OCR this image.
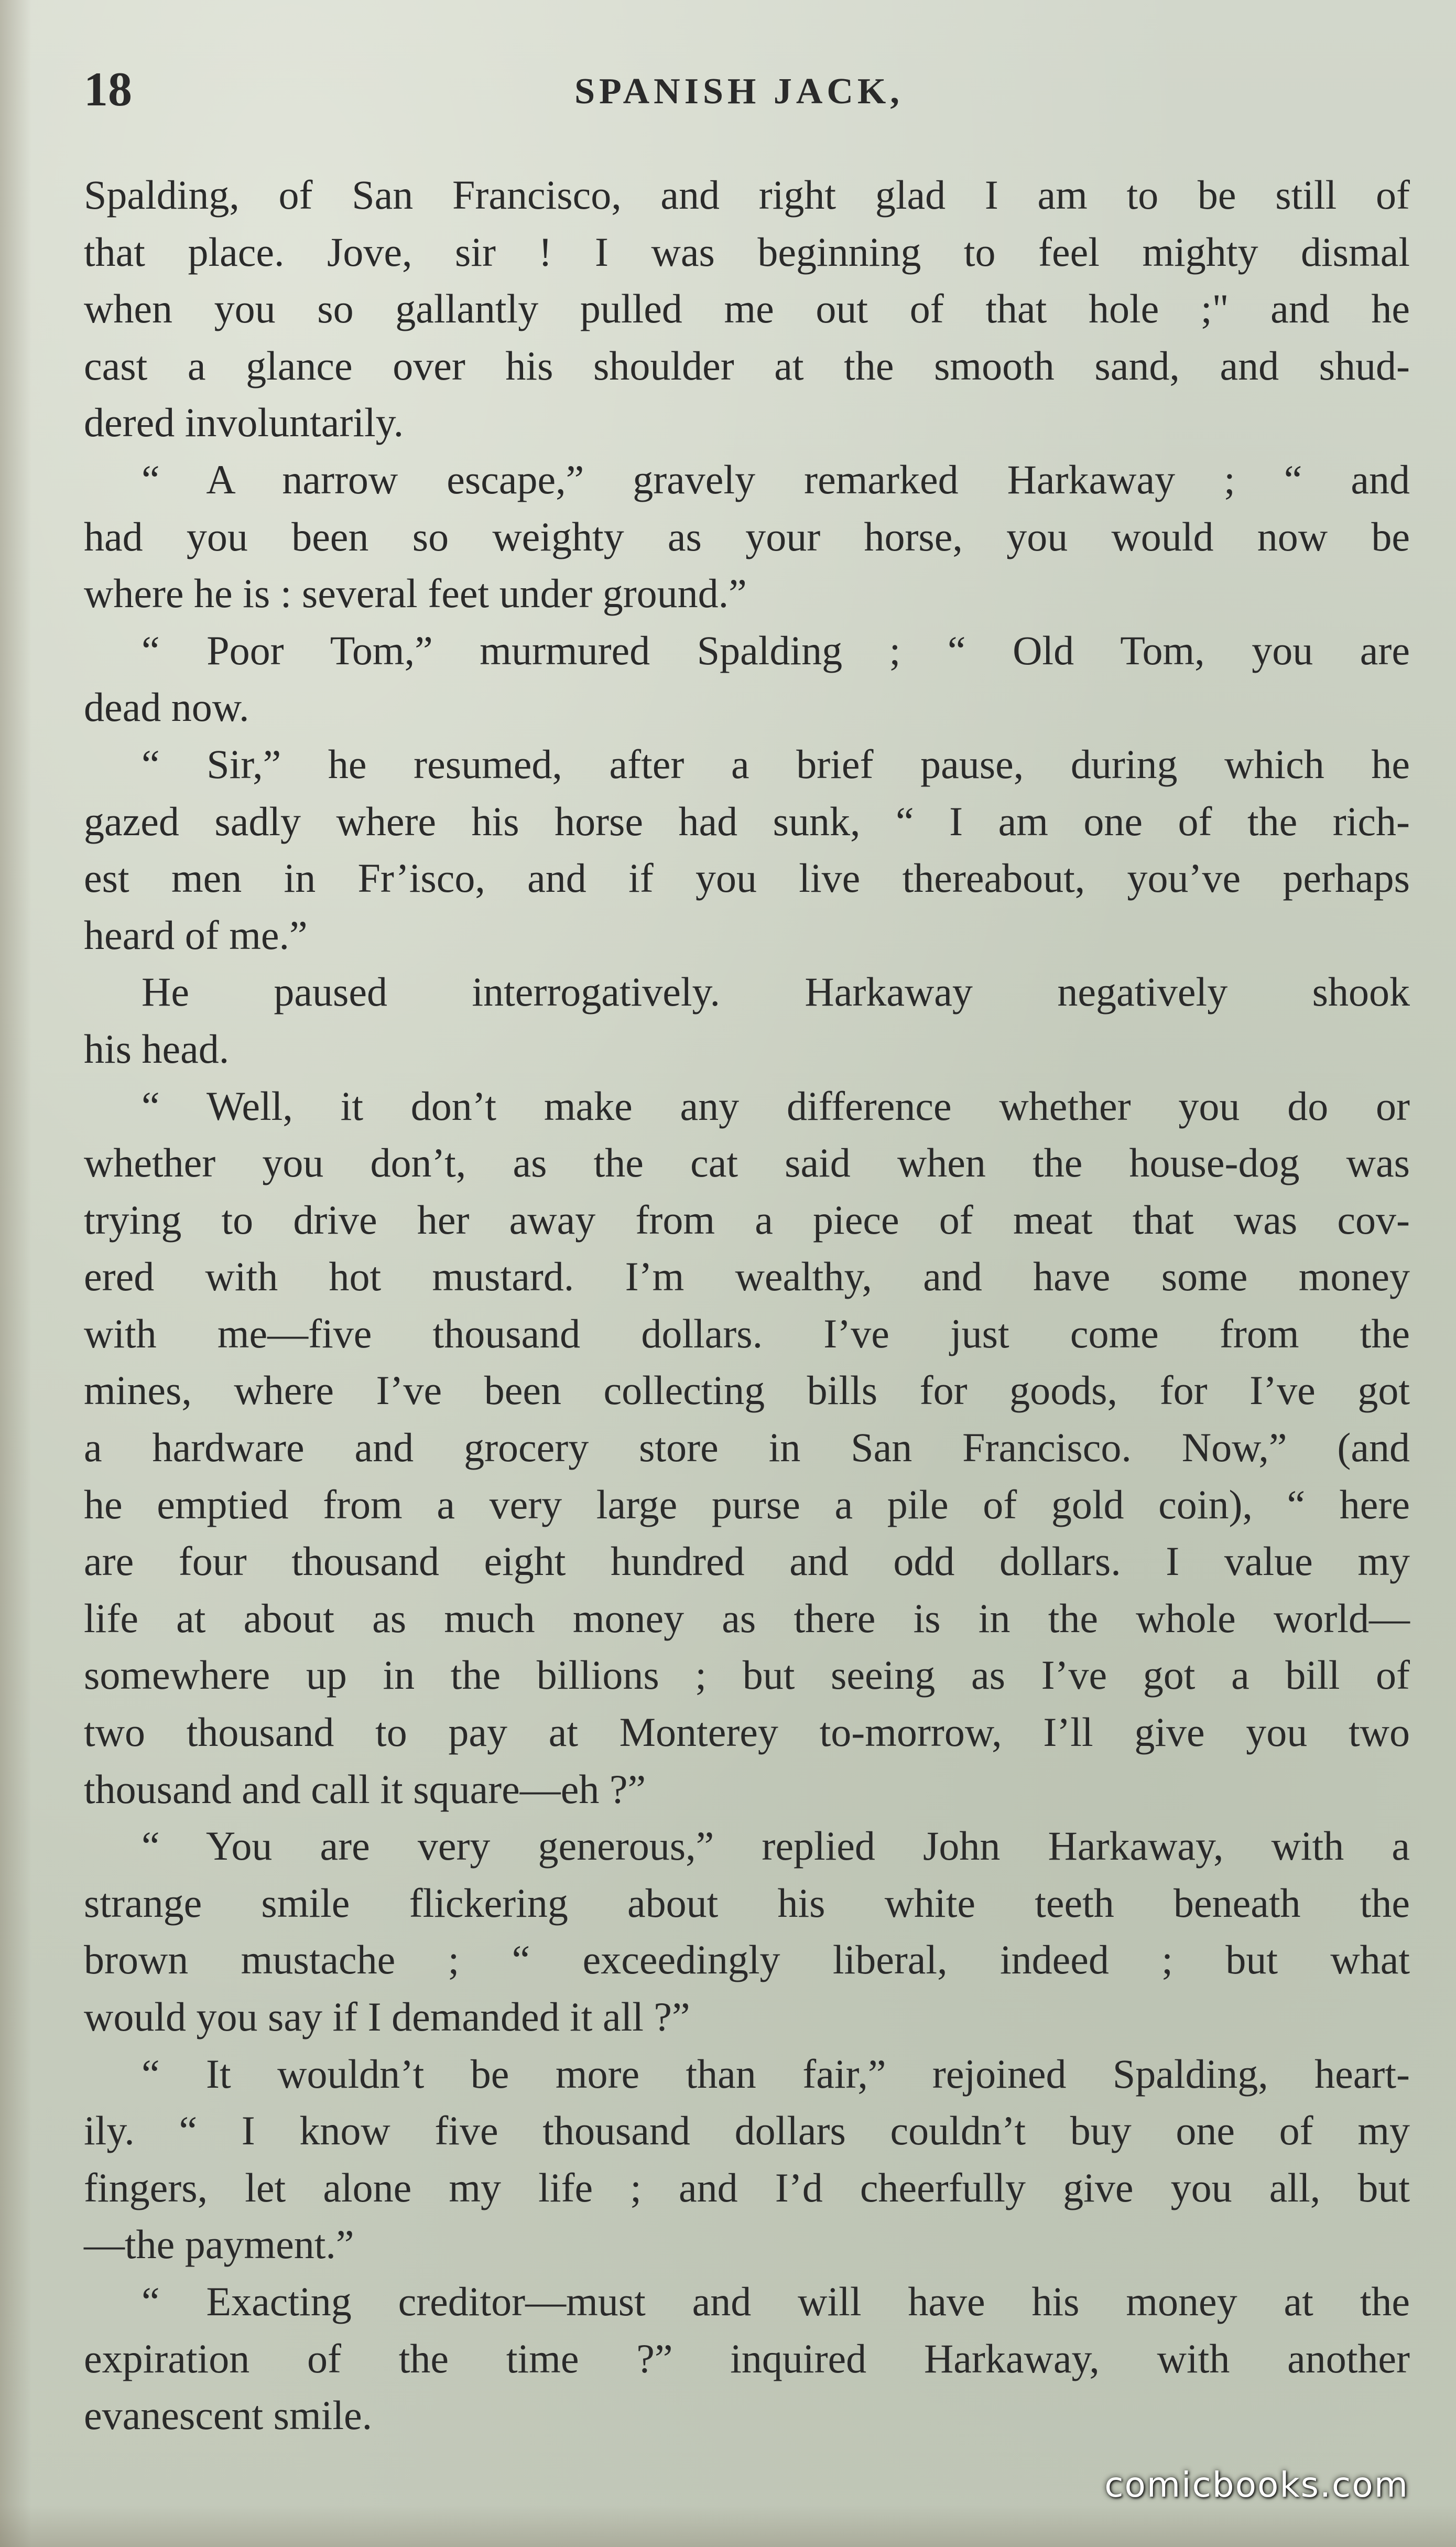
18	SPANISH JACK,

Spalding, of San Francisco, and right glad I am to be still of
that place. Jove, sir ! I was beginning to feel mighty dismal
when you so gallantly pulled me out of that hole ;" and he
cast a glance over his shoulder at the smooth sand, and shud-
dered involuntarily.

“ A narrow escape,” gravely remarked Harkaway ; “ and
had you been so weighty as your horse, you would now be
where he is : several feet under ground.”

“ Poor Tom,” murmured Spalding ; “ Old Tom, you are
dead now.

“ Sir,” he resumed, after a brief pause, during which he
gazed sadly where his horse had sunk, “ I am one of the rich-
est men in Fr’isco, and if you live thereabout, you’ve perhaps
heard of me.”

He paused interrogatively. Harkaway negatively shook
his head.

“ Well, it don’t make any difference whether you do or
whether you don’t, as the cat said when the house-dog was
trying to drive her away from a piece of meat that was cov-
ered with hot mustard. I’m wealthy, and have some money
with me—five thousand dollars. I’ve just come from the
mines, where I’ve been collecting bills for goods, for I’ve got
a hardware and grocery store in San Francisco. Now,” (and
he emptied from a very large purse a pile of gold coin), “ here
are four thousand eight hundred and odd dollars. I value my
life at about as much money as there is in the whole world—
somewhere up in the billions ; but seeing as I’ve got a bill of
two thousand to pay at Monterey to-morrow, I’ll give you two
thousand and call it square—eh ?”

“ You are very generous,” replied John Harkaway, with a
strange smile flickering about his white teeth beneath the
brown mustache ; “ exceedingly liberal, indeed ; but what
would you say if I demanded it all ?”

“ It wouldn’t be more than fair,” rejoined Spalding, heart-
ily. “ I know five thousand dollars couldn’t buy one of my
fingers, let alone my life ; and I’d cheerfully give you all, but
—the payment.”

“ Exacting creditor—must and will have his money at the
expiration of the time ?” inquired Harkaway, with another
evanescent smile.

comicbooks.com
